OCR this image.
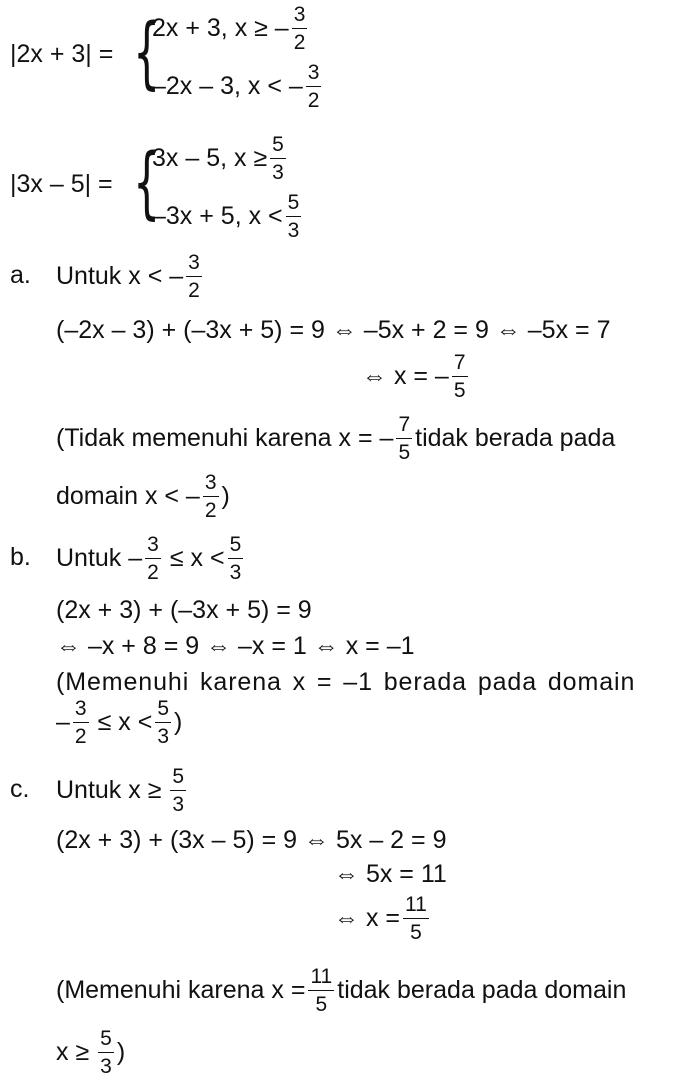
|2x + 3| = {
2x + 3, x ≥ – $\frac{3}{2}$
–2x – 3, x < – $\frac{3}{2}$
|3x – 5| = {
3x – 5, $x \ge \frac{5}{3}$
–3x + 5, $x < \frac{5}{3}$
a. Untuk x < – $\frac{3}{2}$
(–2x – 3) + (–3x + 5) = 9 ⇔ –5x + 2 = 9 ⇔ –5x = 7
⇔ x = – $\frac{7}{5}$
(Tidak memenuhi karena x = – $\frac{7}{5}$ tidak berada pada
domain x < – $\frac{3}{2}$ )
b. Untuk – $\frac{3}{2} \le x < \frac{5}{3}$
(2x + 3) + (–3x + 5) = 9
⇔ –x + 8 = 9 ⇔ –x = 1 ⇔ x = –1
(Memenuhi karena x = –1 berada pada domain
– $\frac{3}{2} \le x < \frac{5}{3}$ )
c. Untuk $x \ge \frac{5}{3}$
(2x + 3) + (3x – 5) = 9 ⇔ 5x – 2 = 9
⇔ 5x = 11
⇔ $x = \frac{11}{5}$
(Memenuhi karena $x = \frac{11}{5}$ tidak berada pada domain
$x \ge \frac{5}{3}$ )
